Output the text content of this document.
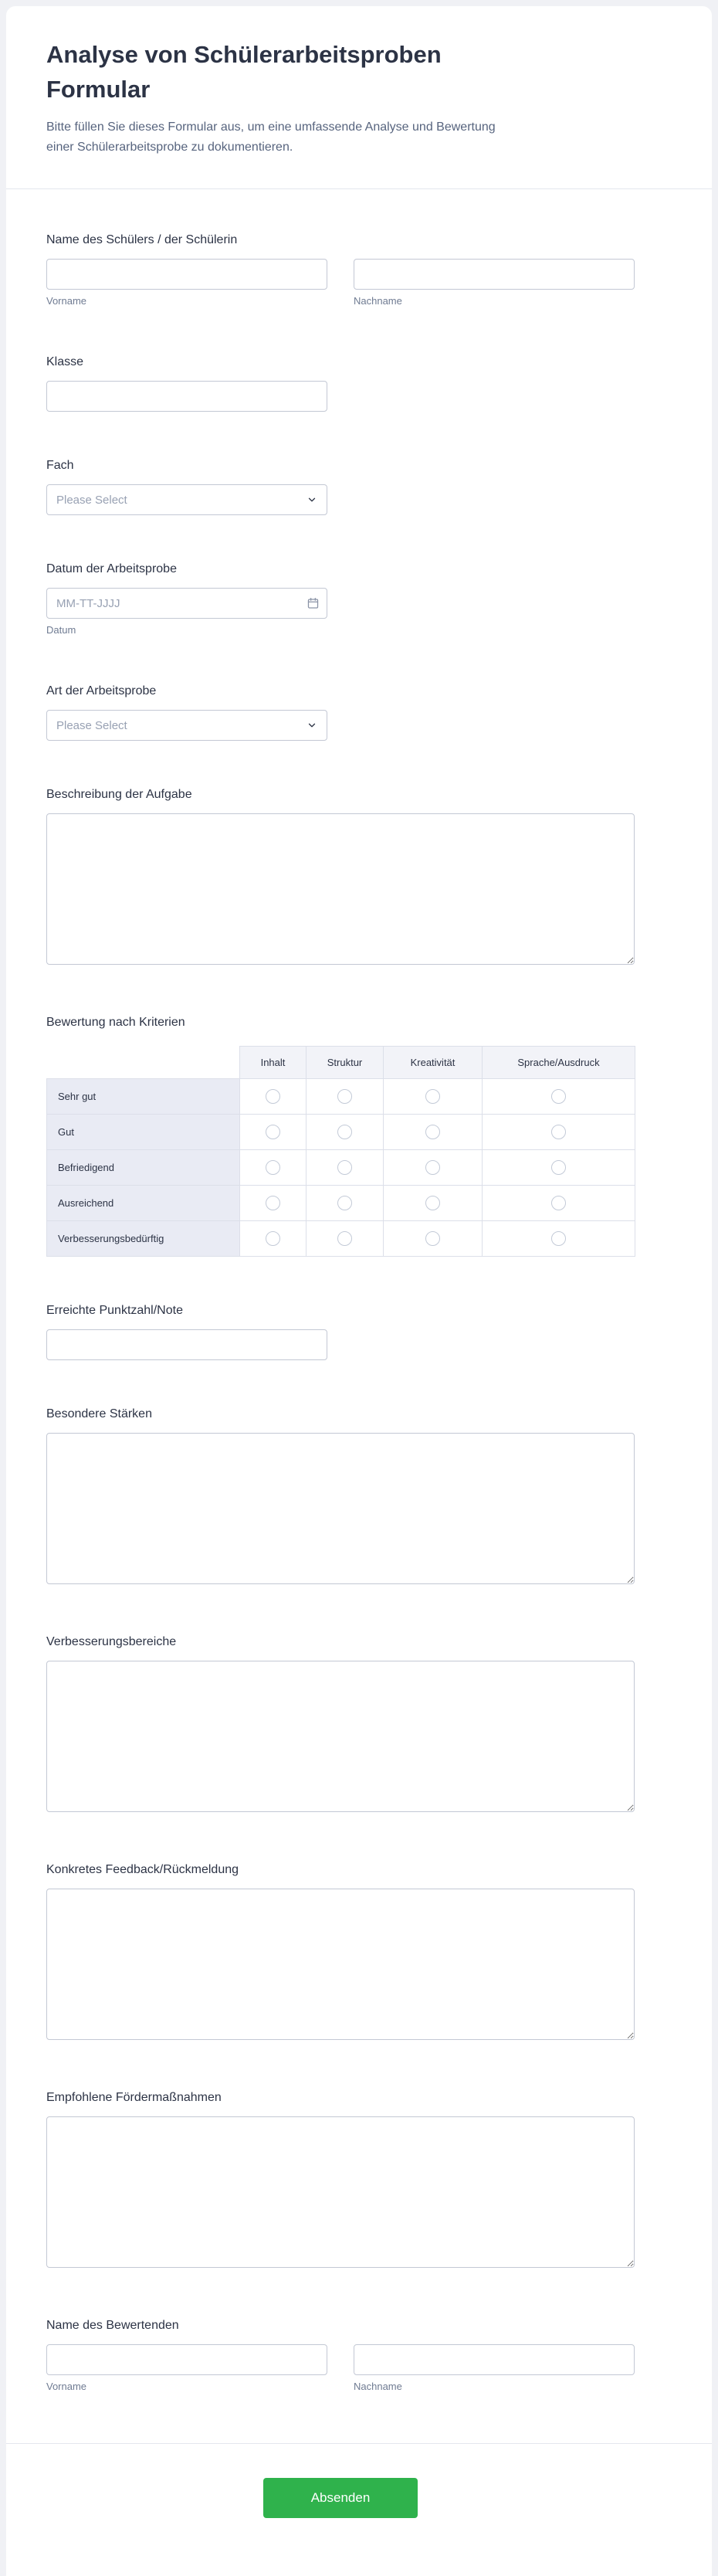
Analyse von Schülerarbeitsproben Formular

Bitte füllen Sie dieses Formular aus, um eine umfassende Analyse und Bewertung einer Schülerarbeitsprobe zu dokumentieren.

Name des Schülers / der Schülerin
Vorname	Nachname
Klasse
Fach
Please Select
Datum der Arbeitsprobe
MM-TT-JJJJ
Datum
Art der Arbeitsprobe
Please Select
Beschreibung der Aufgabe
Bewertung nach Kriterien
	Inhalt	Struktur	Kreativität	Sprache/Ausdruck
Sehr gut				
Gut				
Befriedigend				
Ausreichend				
Verbesserungsbedürftig				
Erreichte Punktzahl/Note
Besondere Stärken
Verbesserungsbereiche
Konkretes Feedback/Rückmeldung
Empfohlene Fördermaßnahmen
Name des Bewertenden
Vorname	Nachname
Absenden
